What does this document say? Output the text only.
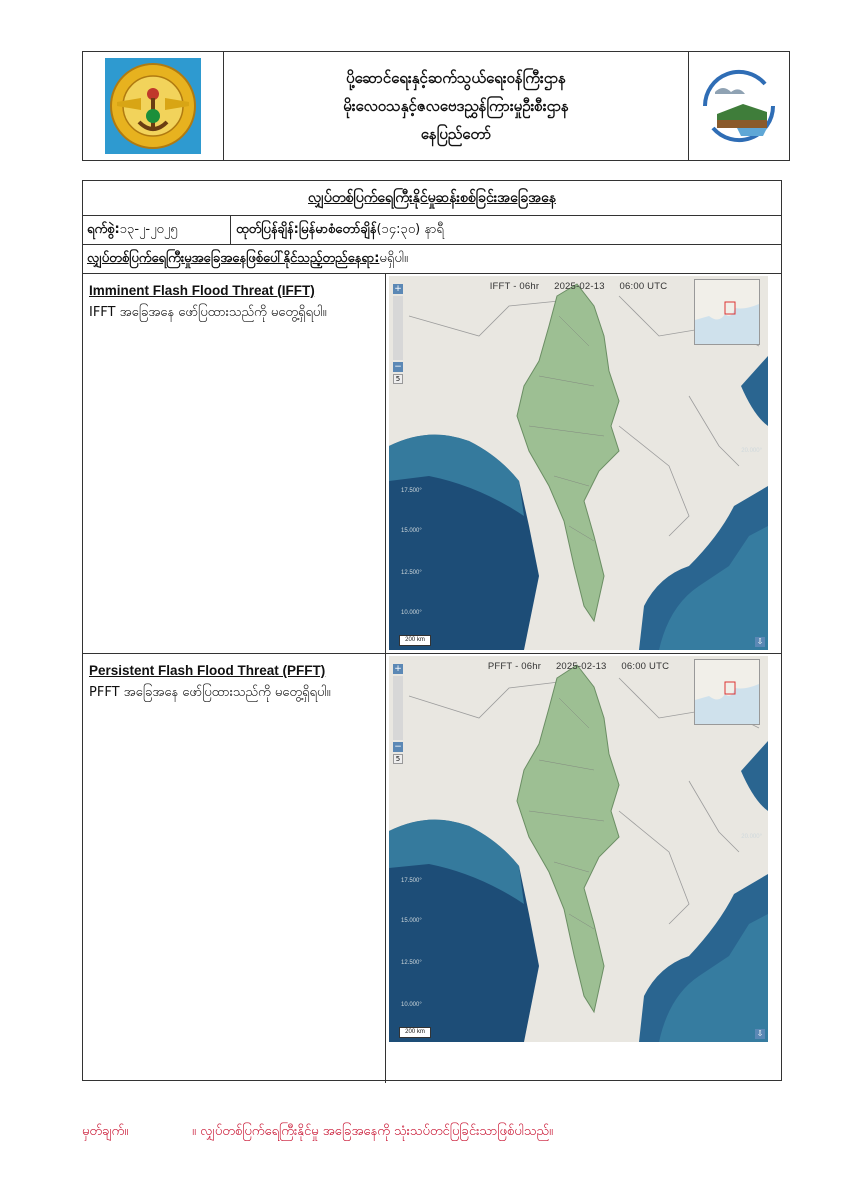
ပို့ဆောင်ရေးနှင့်ဆက်သွယ်ရေးဝန်ကြီးဌာန
မိုးလေဝသနှင့်ဇလဗေဒညွှန်ကြားမှုဦးစီးဌာန
နေပြည်တော်
လျှပ်တစ်ပြက်ရေကြီးနိုင်မှုဆန်းစစ်ခြင်းအခြေအနေ
ရက်စွဲ: ၁၃-၂-၂၀၂၅	ထုတ်ပြန်ချိန်: မြန်မာစံတော်ချိန် (၁၄:၃၀) နာရီ
လျှပ်တစ်ပြက်ရေကြီးမှုအခြေအနေဖြစ်ပေါ်နိုင်သည့်တည်နေရာ: မရှိပါ။
Imminent Flash Flood Threat (IFFT)
IFFT အခြေအနေ ဖော်ပြထားသည်ကို မတွေ့ရှိရပါ။
IFFT - 06hr 2025-02-13 06:00 UTC
+
−
5
17.500°
15.000°
12.500°
10.000°
20.000°
200 km	⇩
Persistent Flash Flood Threat (PFFT)
PFFT အခြေအနေ ဖော်ပြထားသည်ကို မတွေ့ရှိရပါ။
PFFT - 06hr 2025-02-13 06:00 UTC
+
−
5
17.500°
15.000°
12.500°
10.000°
20.000°
200 km	⇩
မှတ်ချက်။	။ လျှပ်တစ်ပြက်ရေကြီးနိုင်မှု အခြေအနေကို သုံးသပ်တင်ပြခြင်းသာဖြစ်ပါသည်။
